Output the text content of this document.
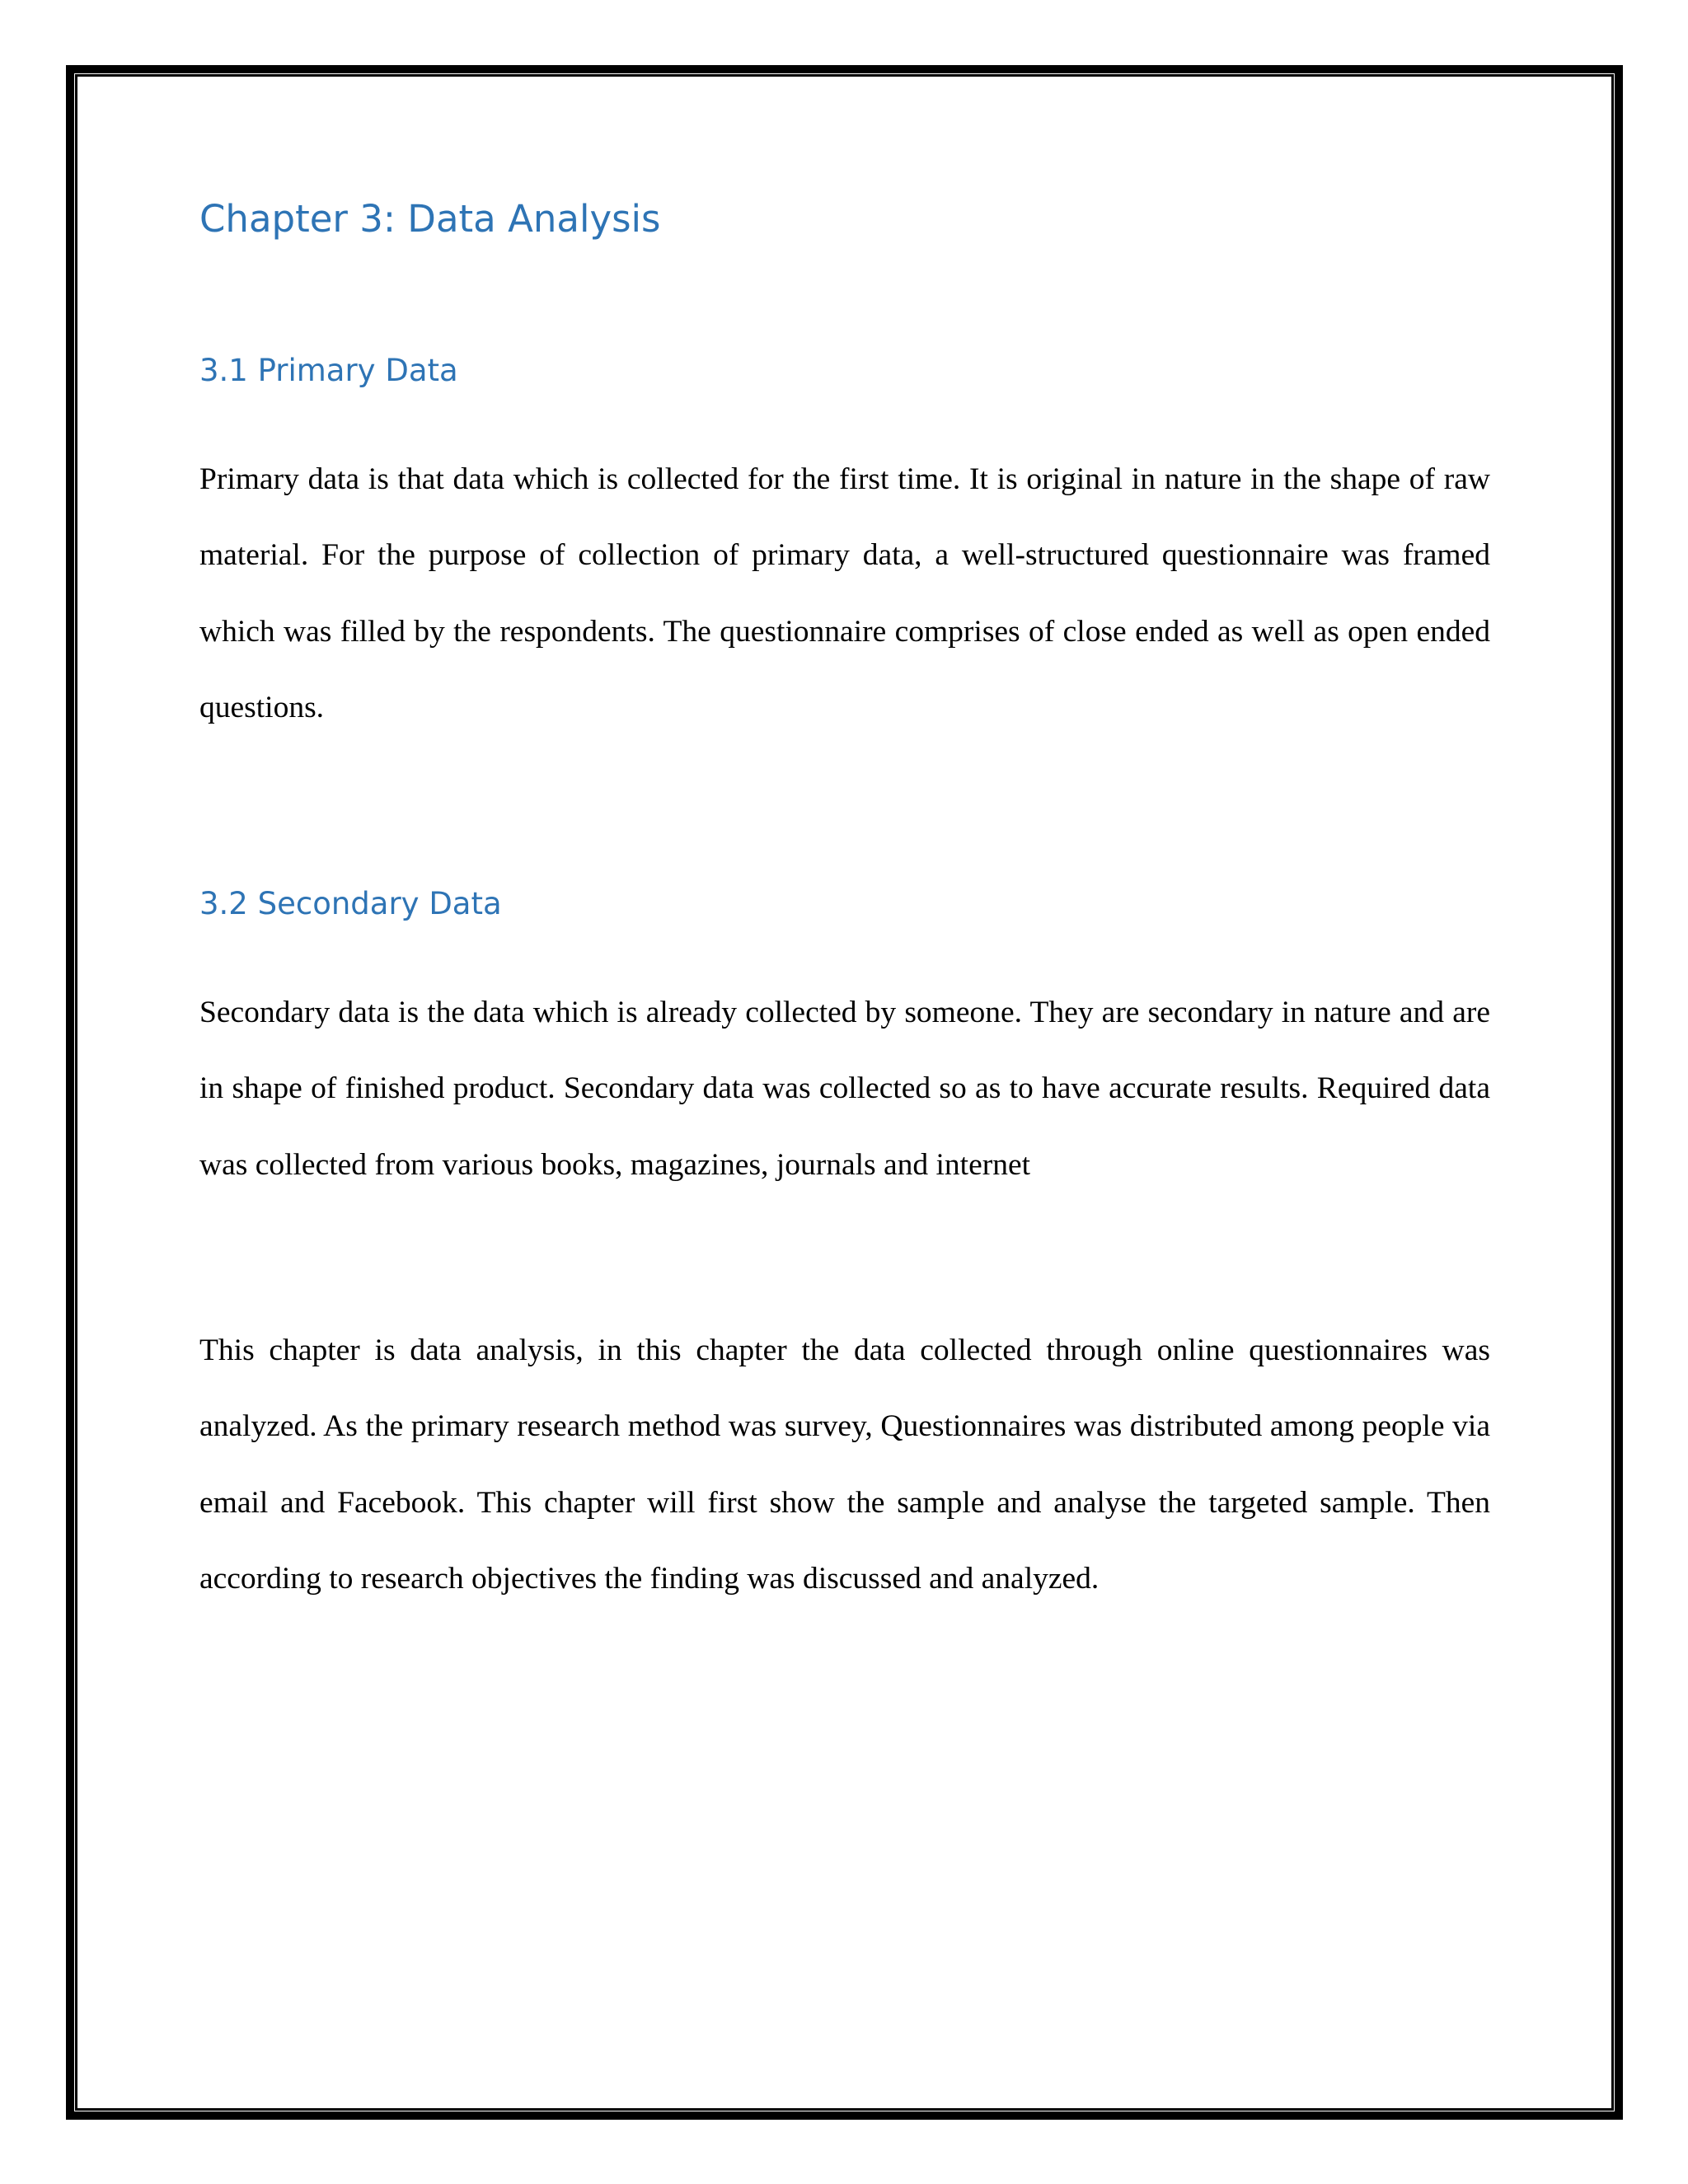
Chapter 3: Data Analysis
3.1 Primary Data

Primary data is that data which is collected for the first time. It is original in nature in the shape of raw material. For the purpose of collection of primary data, a well-structured questionnaire was framed which was filled by the respondents. The questionnaire comprises of close ended as well as open ended questions.

3.2 Secondary Data

Secondary data is the data which is already collected by someone. They are secondary in nature and are in shape of finished product. Secondary data was collected so as to have accurate results. Required data was collected from various books, magazines, journals and internet

This chapter is data analysis, in this chapter the data collected through online questionnaires was analyzed. As the primary research method was survey, Questionnaires was distributed among people via email and Facebook. This chapter will first show the sample and analyse the targeted sample. Then according to research objectives the finding was discussed and analyzed.
